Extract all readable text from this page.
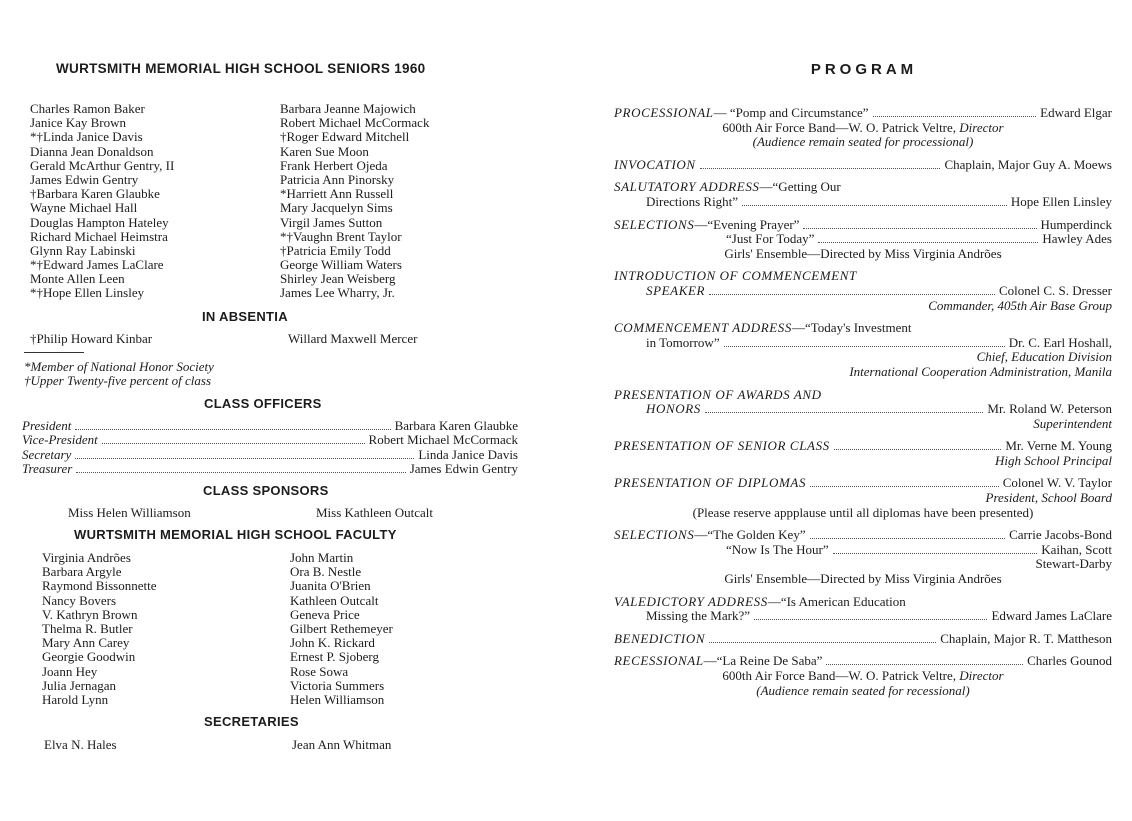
WURTSMITH MEMORIAL HIGH SCHOOL SENIORS 1960
Charles Ramon Baker
Janice Kay Brown
*†Linda Janice Davis
Dianna Jean Donaldson
Gerald McArthur Gentry, II
James Edwin Gentry
†Barbara Karen Glaubke
Wayne Michael Hall
Douglas Hampton Hateley
Richard Michael Heimstra
Glynn Ray Labinski
*†Edward James LaClare
Monte Allen Leen
*†Hope Ellen Linsley
Barbara Jeanne Majowich
Robert Michael McCormack
†Roger Edward Mitchell
Karen Sue Moon
Frank Herbert Ojeda
Patricia Ann Pinorsky
*Harriett Ann Russell
Mary Jacquelyn Sims
Virgil James Sutton
*†Vaughn Brent Taylor
†Patricia Emily Todd
George William Waters
Shirley Jean Weisberg
James Lee Wharry, Jr.
IN ABSENTIA
†Philip Howard Kinbar	Willard Maxwell Mercer
*Member of National Honor Society
†Upper Twenty-five percent of class
CLASS OFFICERS
President	Barbara Karen Glaubke
Vice-President	Robert Michael McCormack
Secretary	Linda Janice Davis
Treasurer	James Edwin Gentry
CLASS SPONSORS
Miss Helen Williamson	Miss Kathleen Outcalt
WURTSMITH MEMORIAL HIGH SCHOOL FACULTY
Virginia Andrões
Barbara Argyle
Raymond Bissonnette
Nancy Bovers
V. Kathryn Brown
Thelma R. Butler
Mary Ann Carey
Georgie Goodwin
Joann Hey
Julia Jernagan
Harold Lynn
John Martin
Ora B. Nestle
Juanita O'Brien
Kathleen Outcalt
Geneva Price
Gilbert Rethemeyer
John K. Rickard
Ernest P. Sjoberg
Rose Sowa
Victoria Summers
Helen Williamson
SECRETARIES
Elva N. Hales	Jean Ann Whitman
PROGRAM
PROCESSIONAL — “Pomp and Circumstance”	Edward Elgar
600th Air Force Band—W. O. Patrick Veltre, Director
(Audience remain seated for processional)
INVOCATION	Chaplain, Major Guy A. Moews
SALUTATORY ADDRESS —“Getting Our
Directions Right”	Hope Ellen Linsley
SELECTIONS —“Evening Prayer”	Humperdinck
“Just For Today”	Hawley Ades
Girls' Ensemble—Directed by Miss Virginia Andrões
INTRODUCTION OF COMMENCEMENT
SPEAKER	Colonel C. S. Dresser
Commander, 405th Air Base Group
COMMENCEMENT ADDRESS —“Today's Investment
in Tomorrow”	Dr. C. Earl Hoshall,
Chief, Education Division
International Cooperation Administration, Manila
PRESENTATION OF AWARDS AND
HONORS	Mr. Roland W. Peterson
Superintendent
PRESENTATION OF SENIOR CLASS	Mr. Verne M. Young
High School Principal
PRESENTATION OF DIPLOMAS	Colonel W. V. Taylor
President, School Board
(Please reserve appplause until all diplomas have been presented)
SELECTIONS —“The Golden Key”	Carrie Jacobs-Bond
“Now Is The Hour”	Kaihan, Scott
Stewart-Darby
Girls' Ensemble—Directed by Miss Virginia Andrões
VALEDICTORY ADDRESS —“Is American Education
Missing the Mark?”	Edward James LaClare
BENEDICTION	Chaplain, Major R. T. Mattheson
RECESSIONAL —“La Reine De Saba”	Charles Gounod
600th Air Force Band—W. O. Patrick Veltre, Director
(Audience remain seated for recessional)
